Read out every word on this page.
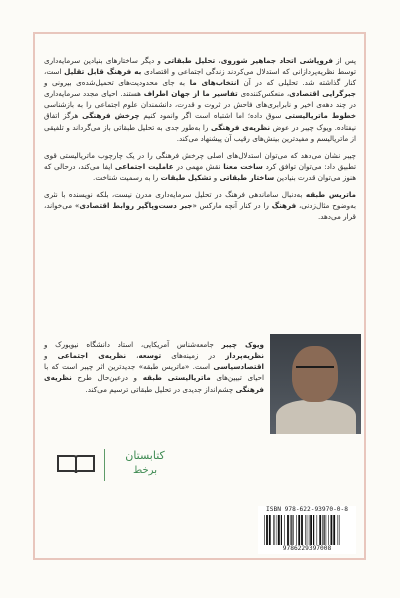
پس از فروپاشی اتحاد جماهیر شوروی، تحلیل طبقاتی و دیگر ساختارهای بنیادین سرمایه‌داری توسط نظریه‌پردازانی که استدلال می‌کردند زندگی اجتماعی و اقتصادی به فرهنگ قابل تقلیل است، کنار گذاشته شد. تحلیلی که در آن انتخاب‌های ما به جای محدودیت‌های تحمیل‌شده‌ی بیرونی و جبرگرایی اقتصادی، منعکس‌کننده‌ی تفاسیر ما از جهان اطراف هستند. احیای مجدد سرمایه‌داری در چند دهه‌ی اخیر و نابرابری‌های فاحش در ثروت و قدرت، دانشمندان علوم اجتماعی را به بازشناسی خطوط ماتریالیستی سوق داده؛ اما اشتباه است اگر وانمود کنیم چرخش فرهنگی هرگز اتفاق نیفتاده. ویوک چیبر در عوض نظریه‌ی فرهنگی را به‌طور جدی به تحلیل طبقاتی باز می‌گرداند و تلفیقی از ماتریالیسم و مفیدترین بینش‌های رقیب آن پیشنهاد می‌کند.

چیبر نشان می‌دهد که می‌توان استدلال‌های اصلی چرخش فرهنگی را در یک چارچوب ماتریالیستی قوی تطبیق داد: می‌توان توافق کرد ساخت معنا نقش مهمی در عاملیت اجتماعی ایفا می‌کند، درحالی که هنوز می‌توان قدرت بنیادین ساختار طبقاتی و تشکیل طبقات را به رسمیت شناخت.

ماتریس طبقه به‌دنبال ساماندهی فرهنگ در تحلیل سرمایه‌داری مدرن نیست، بلکه نویسنده با نثری به‌وضوح مثال‌زدنی، فرهنگ را در کنار آنچه مارکس «جبر دست‌وپاگیر روابط اقتصادی» می‌خواند، قرار می‌دهد.

ویوک چیبر جامعه‌شناس آمریکایی، استاد دانشگاه نیویورک و نظریه‌پرداز در زمینه‌های توسعه، نظریه‌ی اجتماعی و اقتصادسیاسی است. «ماتریس طبقه» جدیدترین اثر چیبر است که با احیای تبیین‌های ماتریالیستی طبقه و درعین‌حال طرح نظریه‌ی فرهنگی چشم‌انداز جدیدی در تحلیل طبقاتی ترسیم می‌کند.

کتابستان
برخط
ISBN 978-622-93970-0-8
9786229397008
